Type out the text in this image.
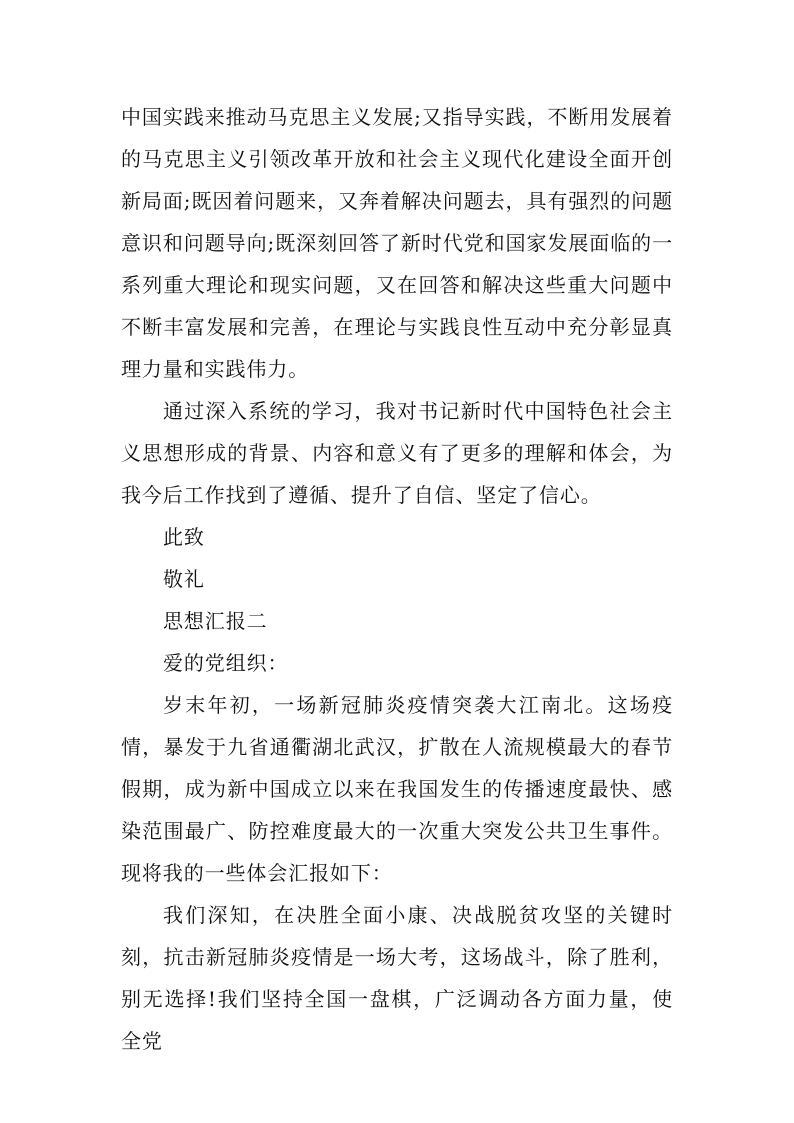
中国实践来推动马克思主义发展;又指导实践，不断用发展着的马克思主义引领改革开放和社会主义现代化建设全面开创新局面;既因着问题来，又奔着解决问题去，具有强烈的问题意识和问题导向;既深刻回答了新时代党和国家发展面临的一系列重大理论和现实问题，又在回答和解决这些重大问题中不断丰富发展和完善，在理论与实践良性互动中充分彰显真理力量和实践伟力。

通过深入系统的学习，我对书记新时代中国特色社会主义思想形成的背景、内容和意义有了更多的理解和体会，为我今后工作找到了遵循、提升了自信、坚定了信心。

此致

敬礼

思想汇报二

爱的党组织：

岁末年初，一场新冠肺炎疫情突袭大江南北。这场疫情，暴发于九省通衢湖北武汉，扩散在人流规模最大的春节假期，成为新中国成立以来在我国发生的传播速度最快、感染范围最广、防控难度最大的一次重大突发公共卫生事件。现将我的一些体会汇报如下：

我们深知，在决胜全面小康、决战脱贫攻坚的关键时刻，抗击新冠肺炎疫情是一场大考，这场战斗，除了胜利，别无选择!我们坚持全国一盘棋，广泛调动各方面力量，使全党
